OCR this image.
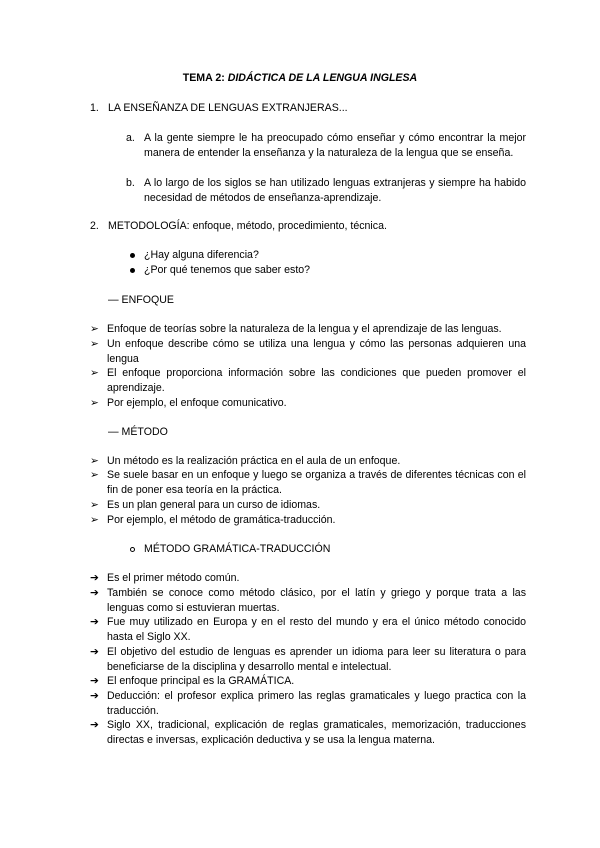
TEMA 2: DIDÁCTICA DE LA LENGUA INGLESA
1. LA ENSEÑANZA DE LENGUAS EXTRANJERAS...
a. A la gente siempre le ha preocupado cómo enseñar y cómo encontrar la mejor manera de entender la enseñanza y la naturaleza de la lengua que se enseña.
b. A lo largo de los siglos se han utilizado lenguas extranjeras y siempre ha habido necesidad de métodos de enseñanza-aprendizaje.
2. METODOLOGÍA: enfoque, método, procedimiento, técnica.
¿Hay alguna diferencia?
¿Por qué tenemos que saber esto?
— ENFOQUE
➢ Enfoque de teorías sobre la naturaleza de la lengua y el aprendizaje de las lenguas.
➢ Un enfoque describe cómo se utiliza una lengua y cómo las personas adquieren una lengua
➢ El enfoque proporciona información sobre las condiciones que pueden promover el aprendizaje.
➢ Por ejemplo, el enfoque comunicativo.
— MÉTODO
➢ Un método es la realización práctica en el aula de un enfoque.
➢ Se suele basar en un enfoque y luego se organiza a través de diferentes técnicas con el fin de poner esa teoría en la práctica.
➢ Es un plan general para un curso de idiomas.
➢ Por ejemplo, el método de gramática-traducción.
MÉTODO GRAMÁTICA-TRADUCCIÓN
➔ Es el primer método común.
➔ También se conoce como método clásico, por el latín y griego y porque trata a las lenguas como si estuvieran muertas.
➔ Fue muy utilizado en Europa y en el resto del mundo y era el único método conocido hasta el Siglo XX.
➔ El objetivo del estudio de lenguas es aprender un idioma para leer su literatura o para beneficiarse de la disciplina y desarrollo mental e intelectual.
➔ El enfoque principal es la GRAMÁTICA.
➔ Deducción: el profesor explica primero las reglas gramaticales y luego practica con la traducción.
➔ Siglo XX, tradicional, explicación de reglas gramaticales, memorización, traducciones directas e inversas, explicación deductiva y se usa la lengua materna.
